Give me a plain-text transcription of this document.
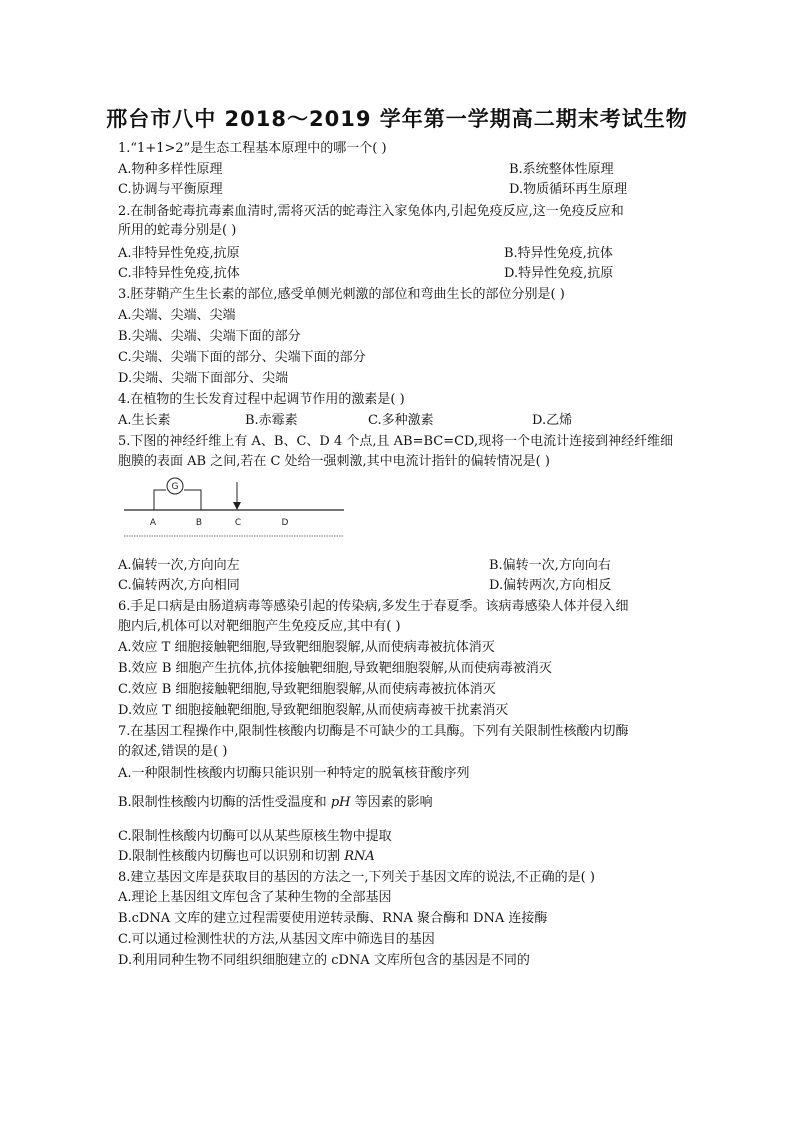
邢台市八中 2018～2019 学年第一学期高二期末考试生物
1.“1+1>2”是生态工程基本原理中的哪一个( )
A.物种多样性原理	B.系统整体性原理
C.协调与平衡原理	D.物质循环再生原理
2.在制备蛇毒抗毒素血清时,需将灭活的蛇毒注入家兔体内,引起免疫反应,这一免疫反应和
所用的蛇毒分别是( )
A.非特异性免疫,抗原	B.特异性免疫,抗体
C.非特异性免疫,抗体	D.特异性免疫,抗原
3.胚芽鞘产生生长素的部位,感受单侧光刺激的部位和弯曲生长的部位分别是( )
A.尖端、尖端、尖端
B.尖端、尖端、尖端下面的部分
C.尖端、尖端下面的部分、尖端下面的部分
D.尖端、尖端下面部分、尖端
4.在植物的生长发育过程中起调节作用的激素是( )
A.生长素	B.赤霉素	C.多种激素	D.乙烯
5.下图的神经纤维上有 A、B、C、D 4 个点,且 AB=BC=CD,现将一个电流计连接到神经纤维细
胞膜的表面 AB 之间,若在 C 处给一强刺激,其中电流计指针的偏转情况是( )
G
A	B	C	D
A.偏转一次,方向向左	B.偏转一次,方向向右
C.偏转两次,方向相同	D.偏转两次,方向相反
6.手足口病是由肠道病毒等感染引起的传染病,多发生于春夏季。该病毒感染人体并侵入细
胞内后,机体可以对靶细胞产生免疫反应,其中有( )
A.效应 T 细胞接触靶细胞,导致靶细胞裂解,从而使病毒被抗体消灭
B.效应 B 细胞产生抗体,抗体接触靶细胞,导致靶细胞裂解,从而使病毒被消灭
C.效应 B 细胞接触靶细胞,导致靶细胞裂解,从而使病毒被抗体消灭
D.效应 T 细胞接触靶细胞,导致靶细胞裂解,从而使病毒被干扰素消灭
7.在基因工程操作中,限制性核酸内切酶是不可缺少的工具酶。下列有关限制性核酸内切酶
的叙述,错误的是( )
A.一种限制性核酸内切酶只能识别一种特定的脱氧核苷酸序列
B.限制性核酸内切酶的活性受温度和 pH 等因素的影响
C.限制性核酸内切酶可以从某些原核生物中提取
D.限制性核酸内切酶也可以识别和切割 RNA
8.建立基因文库是获取目的基因的方法之一,下列关于基因文库的说法,不正确的是( )
A.理论上基因组文库包含了某种生物的全部基因
B.cDNA 文库的建立过程需要使用逆转录酶、RNA 聚合酶和 DNA 连接酶
C.可以通过检测性状的方法,从基因文库中筛选目的基因
D.利用同种生物不同组织细胞建立的 cDNA 文库所包含的基因是不同的
